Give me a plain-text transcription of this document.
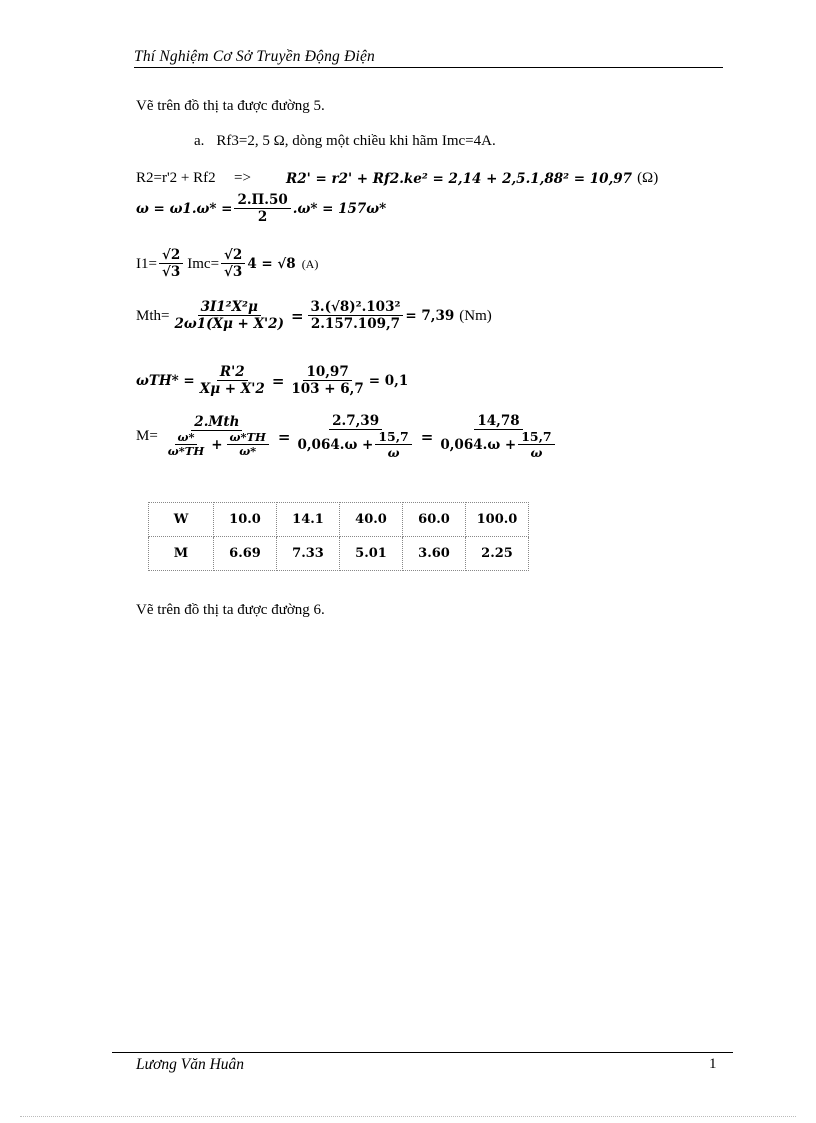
Thí Nghiệm Cơ Sở Truyền Động Điện
Vẽ trên đồ thị ta được đường 5.
a. Rf3=2, 5 Ω, dòng một chiều khi hãm Imc=4A.
R2=r'2 + Rf2	=>	R2' = r2' + Rf2.ke² = 2,14 + 2,5.1,88² = 10,97 (Ω)
$\omega = \omega 1.\omega* = \frac{2.\Pi.50}{2} .\omega* = 157\omega*$
$I1= \frac{√2}{√3} Imc= \frac{√2}{√3} 4 = √8$ (A)
$Mth= \frac{\text{3I1²X²μ}}{2\omega 1(X\mu + X'2)} = \frac{\text{3.(√8)².103²}}{2.157.109,7} = 7,39$ (Nm)
$\omega TH* = \frac{R'2}{X\mu + X'2} = \frac{10,97}{103 + 6,7} = 0,1$
M=
2.Mth
$\frac{\omega*}{\omega*TH} + \frac{\omega*TH}{\omega*} = \frac{2.7,39}{0,064.\omega + \frac{15,7}{\omega}} = \frac{14,78}{0,064.\omega + \frac{15,7}{\omega}}$
W	10.0	14.1	40.0	60.0	100.0
M	6.69	7.33	5.01	3.60	2.25
Vẽ trên đồ thị ta được đường 6.
Lương Văn Huân	1
